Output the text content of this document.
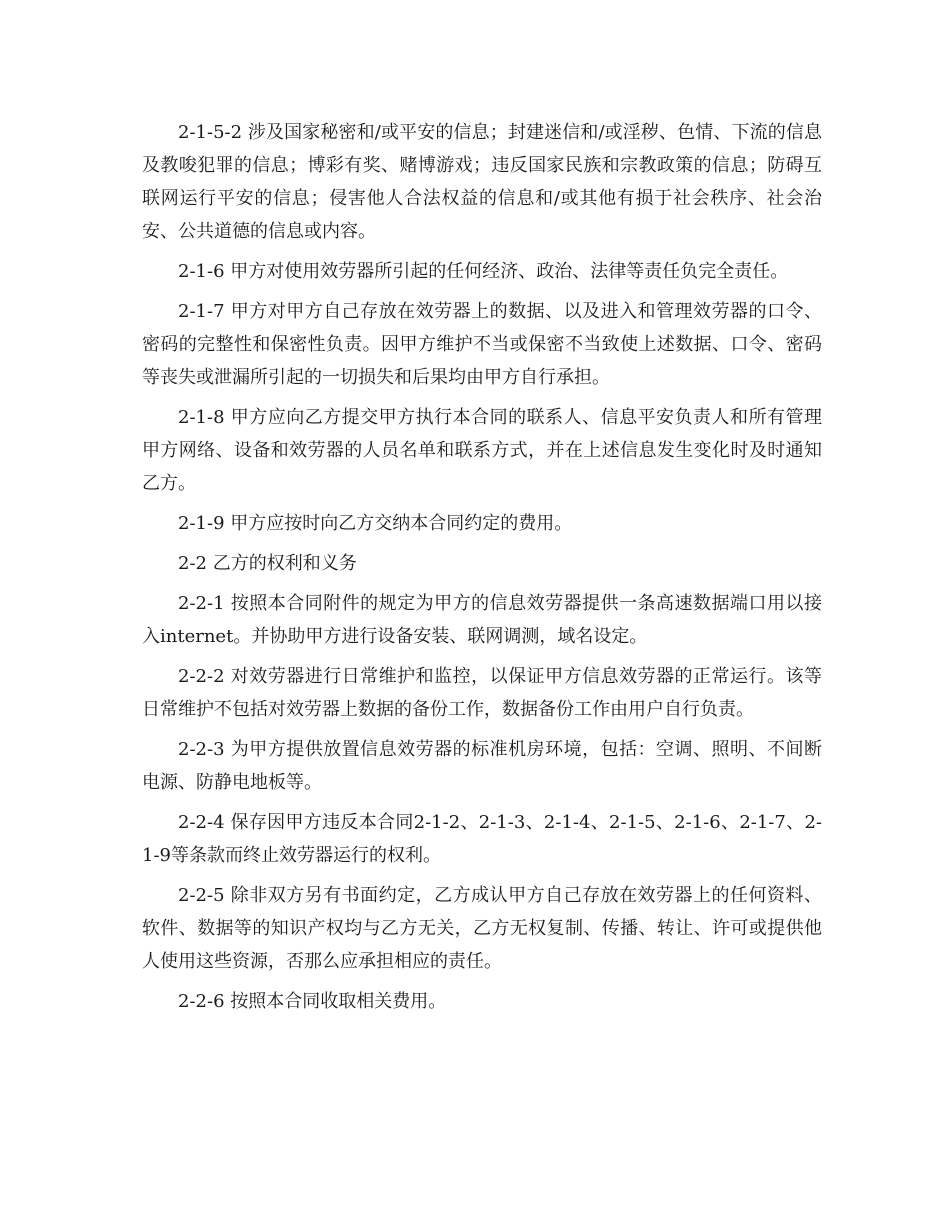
2-1-5-2 涉及国家秘密和/或平安的信息；封建迷信和/或淫秽、色情、下流的信息及教唆犯罪的信息；博彩有奖、赌博游戏；违反国家民族和宗教政策的信息；防碍互联网运行平安的信息；侵害他人合法权益的信息和/或其他有损于社会秩序、社会治安、公共道德的信息或内容。

2-1-6 甲方对使用效劳器所引起的任何经济、政治、法律等责任负完全责任。

2-1-7 甲方对甲方自己存放在效劳器上的数据、以及进入和管理效劳器的口令、密码的完整性和保密性负责。因甲方维护不当或保密不当致使上述数据、口令、密码等丧失或泄漏所引起的一切损失和后果均由甲方自行承担。

2-1-8 甲方应向乙方提交甲方执行本合同的联系人、信息平安负责人和所有管理甲方网络、设备和效劳器的人员名单和联系方式，并在上述信息发生变化时及时通知乙方。

2-1-9 甲方应按时向乙方交纳本合同约定的费用。

2-2 乙方的权利和义务

2-2-1 按照本合同附件的规定为甲方的信息效劳器提供一条高速数据端口用以接入internet。并协助甲方进行设备安装、联网调测，域名设定。

2-2-2 对效劳器进行日常维护和监控，以保证甲方信息效劳器的正常运行。该等日常维护不包括对效劳器上数据的备份工作，数据备份工作由用户自行负责。

2-2-3 为甲方提供放置信息效劳器的标准机房环境，包括：空调、照明、不间断电源、防静电地板等。

2-2-4 保存因甲方违反本合同2-1-2、2-1-3、2-1-4、2-1-5、2-1-6、2-1-7、2-1-9等条款而终止效劳器运行的权利。

2-2-5 除非双方另有书面约定，乙方成认甲方自己存放在效劳器上的任何资料、软件、数据等的知识产权均与乙方无关，乙方无权复制、传播、转让、许可或提供他人使用这些资源，否那么应承担相应的责任。

2-2-6 按照本合同收取相关费用。
